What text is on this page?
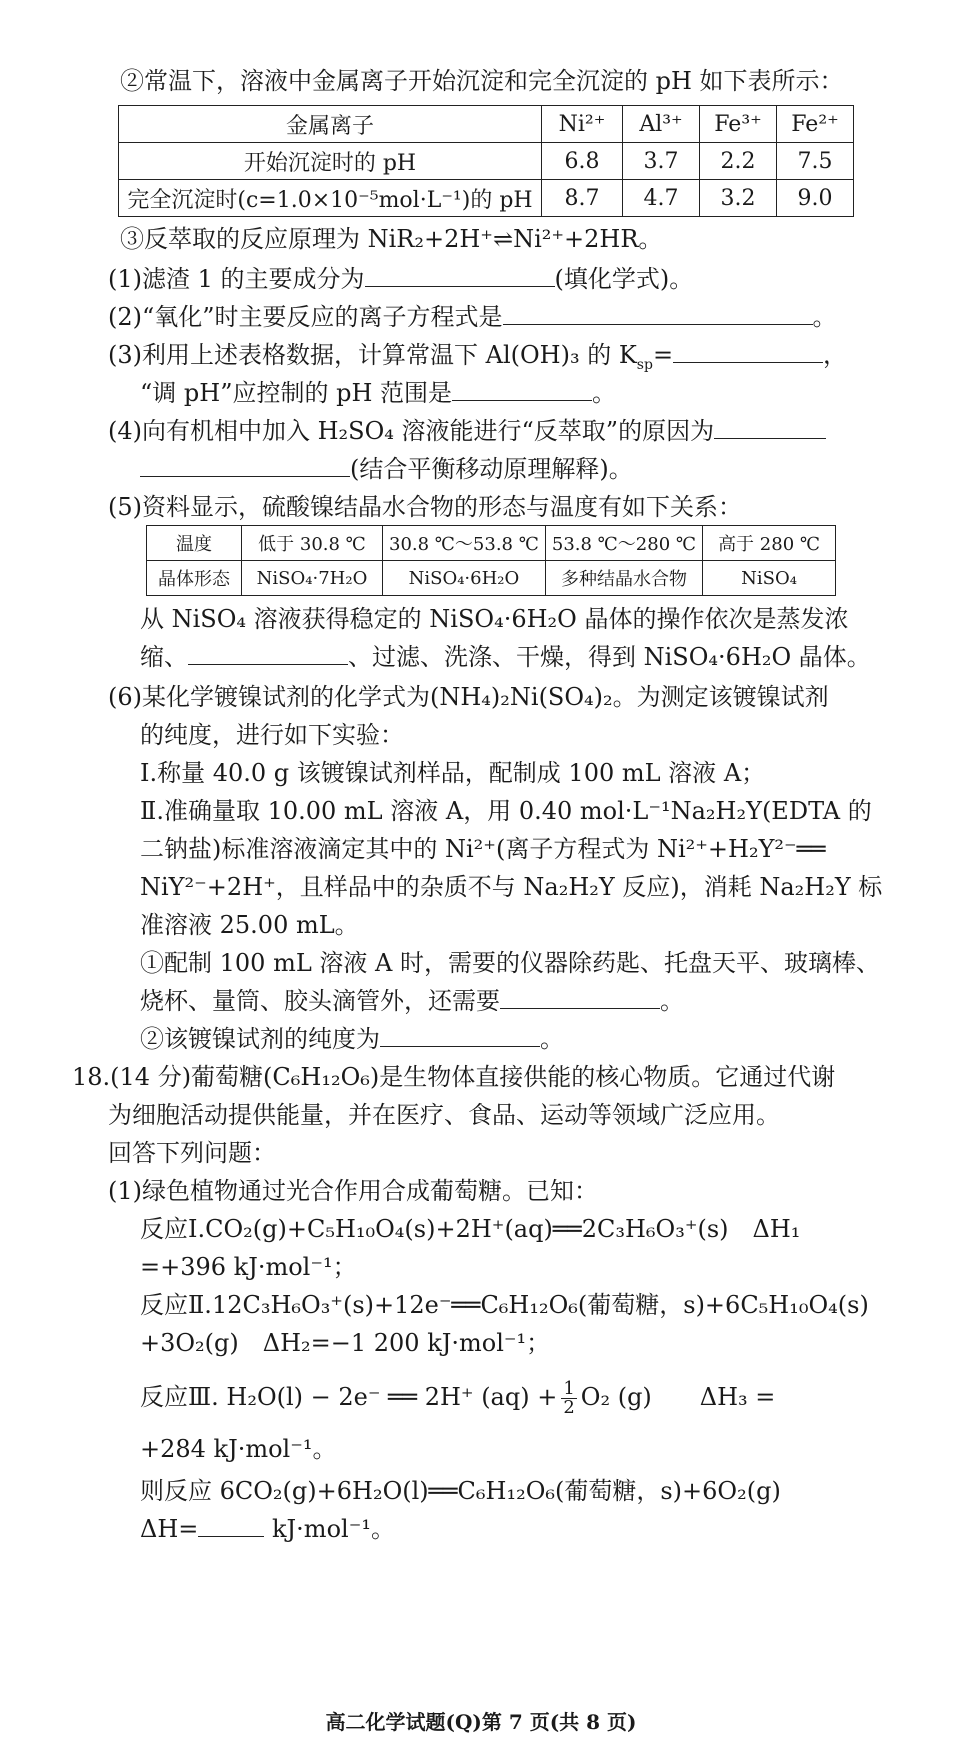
②常温下，溶液中金属离子开始沉淀和完全沉淀的 pH 如下表所示：
金属离子	Ni²⁺	Al³⁺	Fe³⁺	Fe²⁺
开始沉淀时的 pH	6.8	3.7	2.2	7.5
完全沉淀时(c=1.0×10⁻⁵mol·L⁻¹)的 pH	8.7	4.7	3.2	9.0
③反萃取的反应原理为 NiR₂+2H⁺⇌Ni²⁺+2HR。
(1)滤渣 1 的主要成分为	(填化学式)。
(2)“氧化”时主要反应的离子方程式是	。
(3)利用上述表格数据，计算常温下 Al(OH)₃ 的 $K_{sp}=$	，
“调 pH”应控制的 pH 范围是	。
(4)向有机相中加入 H₂SO₄ 溶液能进行“反萃取”的原因为
(结合平衡移动原理解释)。
(5)资料显示，硫酸镍结晶水合物的形态与温度有如下关系：
温度	低于 30.8 ℃	30.8 ℃～53.8 ℃	53.8 ℃～280 ℃	高于 280 ℃
晶体形态	NiSO₄·7H₂O	NiSO₄·6H₂O	多种结晶水合物	NiSO₄
从 NiSO₄ 溶液获得稳定的 NiSO₄·6H₂O 晶体的操作依次是蒸发浓
缩、	、过滤、洗涤、干燥，得到 NiSO₄·6H₂O 晶体。
(6)某化学镀镍试剂的化学式为(NH₄)₂Ni(SO₄)₂。为测定该镀镍试剂
的纯度，进行如下实验：
Ⅰ.称量 40.0 g 该镀镍试剂样品，配制成 100 mL 溶液 A；
Ⅱ.准确量取 10.00 mL 溶液 A，用 0.40 mol·L⁻¹Na₂H₂Y(EDTA 的
二钠盐)标准溶液滴定其中的 Ni²⁺(离子方程式为 Ni²⁺+H₂Y²⁻══
NiY²⁻+2H⁺，且样品中的杂质不与 Na₂H₂Y 反应)，消耗 Na₂H₂Y 标
准溶液 25.00 mL。
①配制 100 mL 溶液 A 时，需要的仪器除药匙、托盘天平、玻璃棒、
烧杯、量筒、胶头滴管外，还需要	。
②该镀镍试剂的纯度为	。
18.(14 分)葡萄糖(C₆H₁₂O₆)是生物体直接供能的核心物质。它通过代谢
为细胞活动提供能量，并在医疗、食品、运动等领域广泛应用。
回答下列问题：
(1)绿色植物通过光合作用合成葡萄糖。已知：
反应Ⅰ.CO₂(g)+C₅H₁₀O₄(s)+2H⁺(aq)══2C₃H₆O₃⁺(s)　ΔH₁
=+396 kJ·mol⁻¹；
反应Ⅱ.12C₃H₆O₃⁺(s)+12e⁻══C₆H₁₂O₆(葡萄糖，s)+6C₅H₁₀O₄(s)
+3O₂(g)　ΔH₂=−1 200 kJ·mol⁻¹；
反应Ⅲ. H₂O(l) − 2e⁻ ══ 2H⁺ $(aq) + \frac{1}{2} O_2$ (g)　　ΔH₃ =
+284 kJ·mol⁻¹。
则反应 6CO₂(g)+6H₂O(l)══C₆H₁₂O₆(葡萄糖，s)+6O₂(g)
ΔH=	kJ·mol⁻¹。
高二化学试题(Q)第 7 页(共 8 页)
